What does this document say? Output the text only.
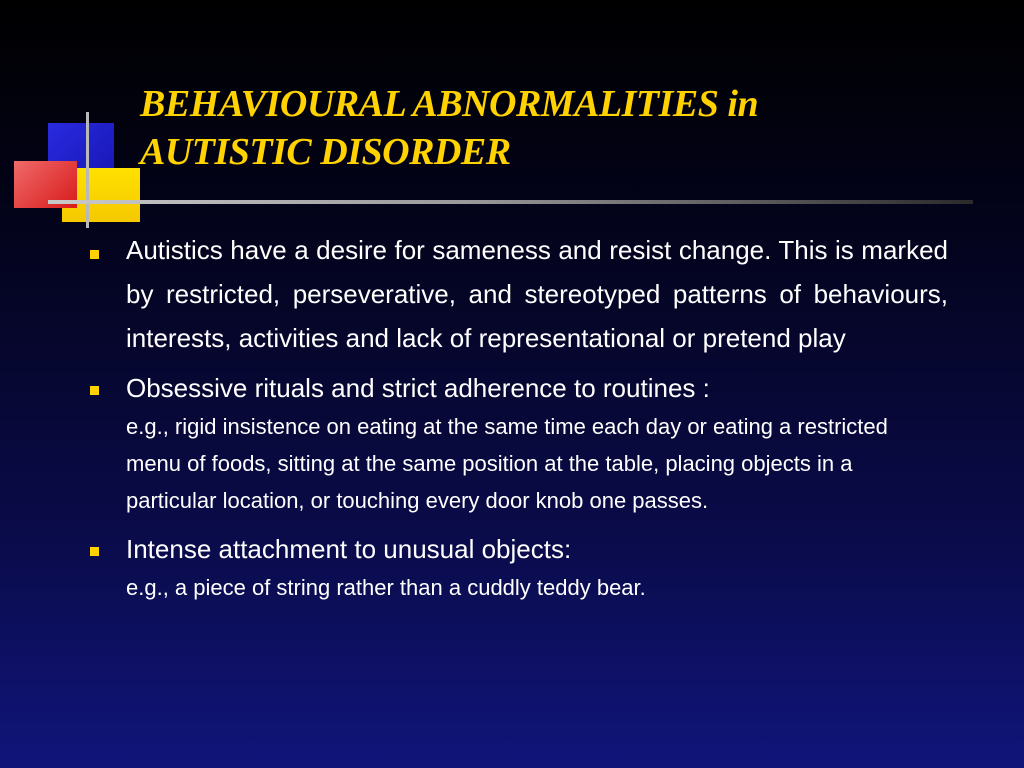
BEHAVIOURAL ABNORMALITIES in
AUTISTIC DISORDER
Autistics have a desire for sameness and resist change. This is marked by restricted, perseverative, and stereotyped patterns of behaviours, interests, activities and lack of representational or pretend play
Obsessive rituals and strict adherence to routines :
e.g., rigid insistence on eating at the same time each day or eating a restricted menu of foods, sitting at the same position at the table, placing objects in a particular location, or touching every door knob one passes.
Intense attachment to unusual objects:
e.g., a piece of string rather than a cuddly teddy bear.
